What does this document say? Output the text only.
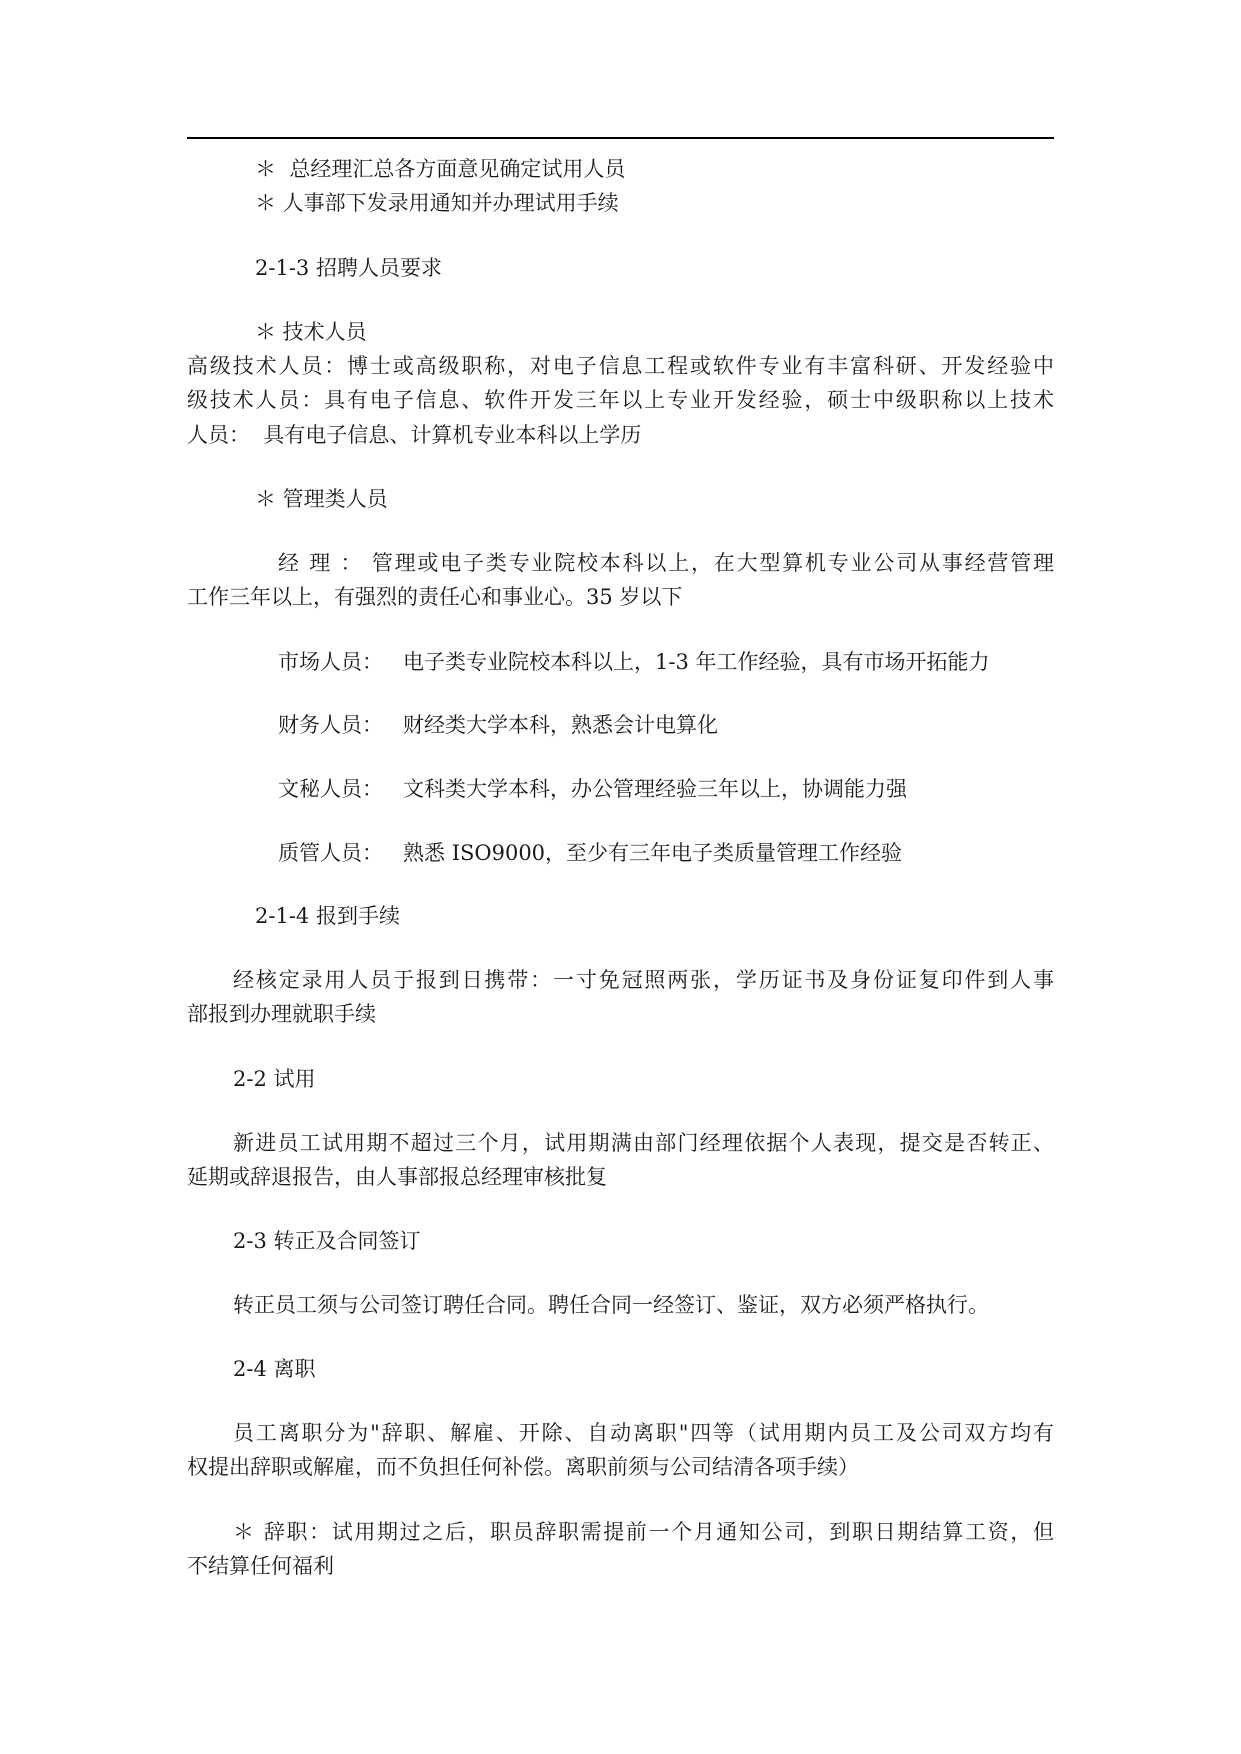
＊  总经理汇总各方面意见确定试用人员

＊ 人事部下发录用通知并办理试用手续

2-1-3 招聘人员要求

＊ 技术人员

高级技术人员：博士或高级职称，对电子信息工程或软件专业有丰富科研、开发经验中

级技术人员：具有电子信息、软件开发三年以上专业开发经验，硕士中级职称以上技术

人员：  具有电子信息、计算机专业本科以上学历

＊ 管理类人员

经 理 ： 管理或电子类专业院校本科以上，在大型算机专业公司从事经营管理

工作三年以上，有强烈的责任心和事业心。35 岁以下

市场人员：   电子类专业院校本科以上，1-3 年工作经验，具有市场开拓能力

财务人员：   财经类大学本科，熟悉会计电算化

文秘人员：   文科类大学本科，办公管理经验三年以上，协调能力强

质管人员：   熟悉 ISO9000，至少有三年电子类质量管理工作经验

2-1-4 报到手续

经核定录用人员于报到日携带：一寸免冠照两张，学历证书及身份证复印件到人事

部报到办理就职手续

2-2 试用

新进员工试用期不超过三个月，试用期满由部门经理依据个人表现，提交是否转正、

延期或辞退报告，由人事部报总经理审核批复

2-3 转正及合同签订

转正员工须与公司签订聘任合同。聘任合同一经签订、鉴证，双方必须严格执行。

2-4 离职

员工离职分为"辞职、解雇、开除、自动离职"四等（试用期内员工及公司双方均有

权提出辞职或解雇，而不负担任何补偿。离职前须与公司结清各项手续）

＊ 辞职：试用期过之后，职员辞职需提前一个月通知公司，到职日期结算工资，但

不结算任何福利
